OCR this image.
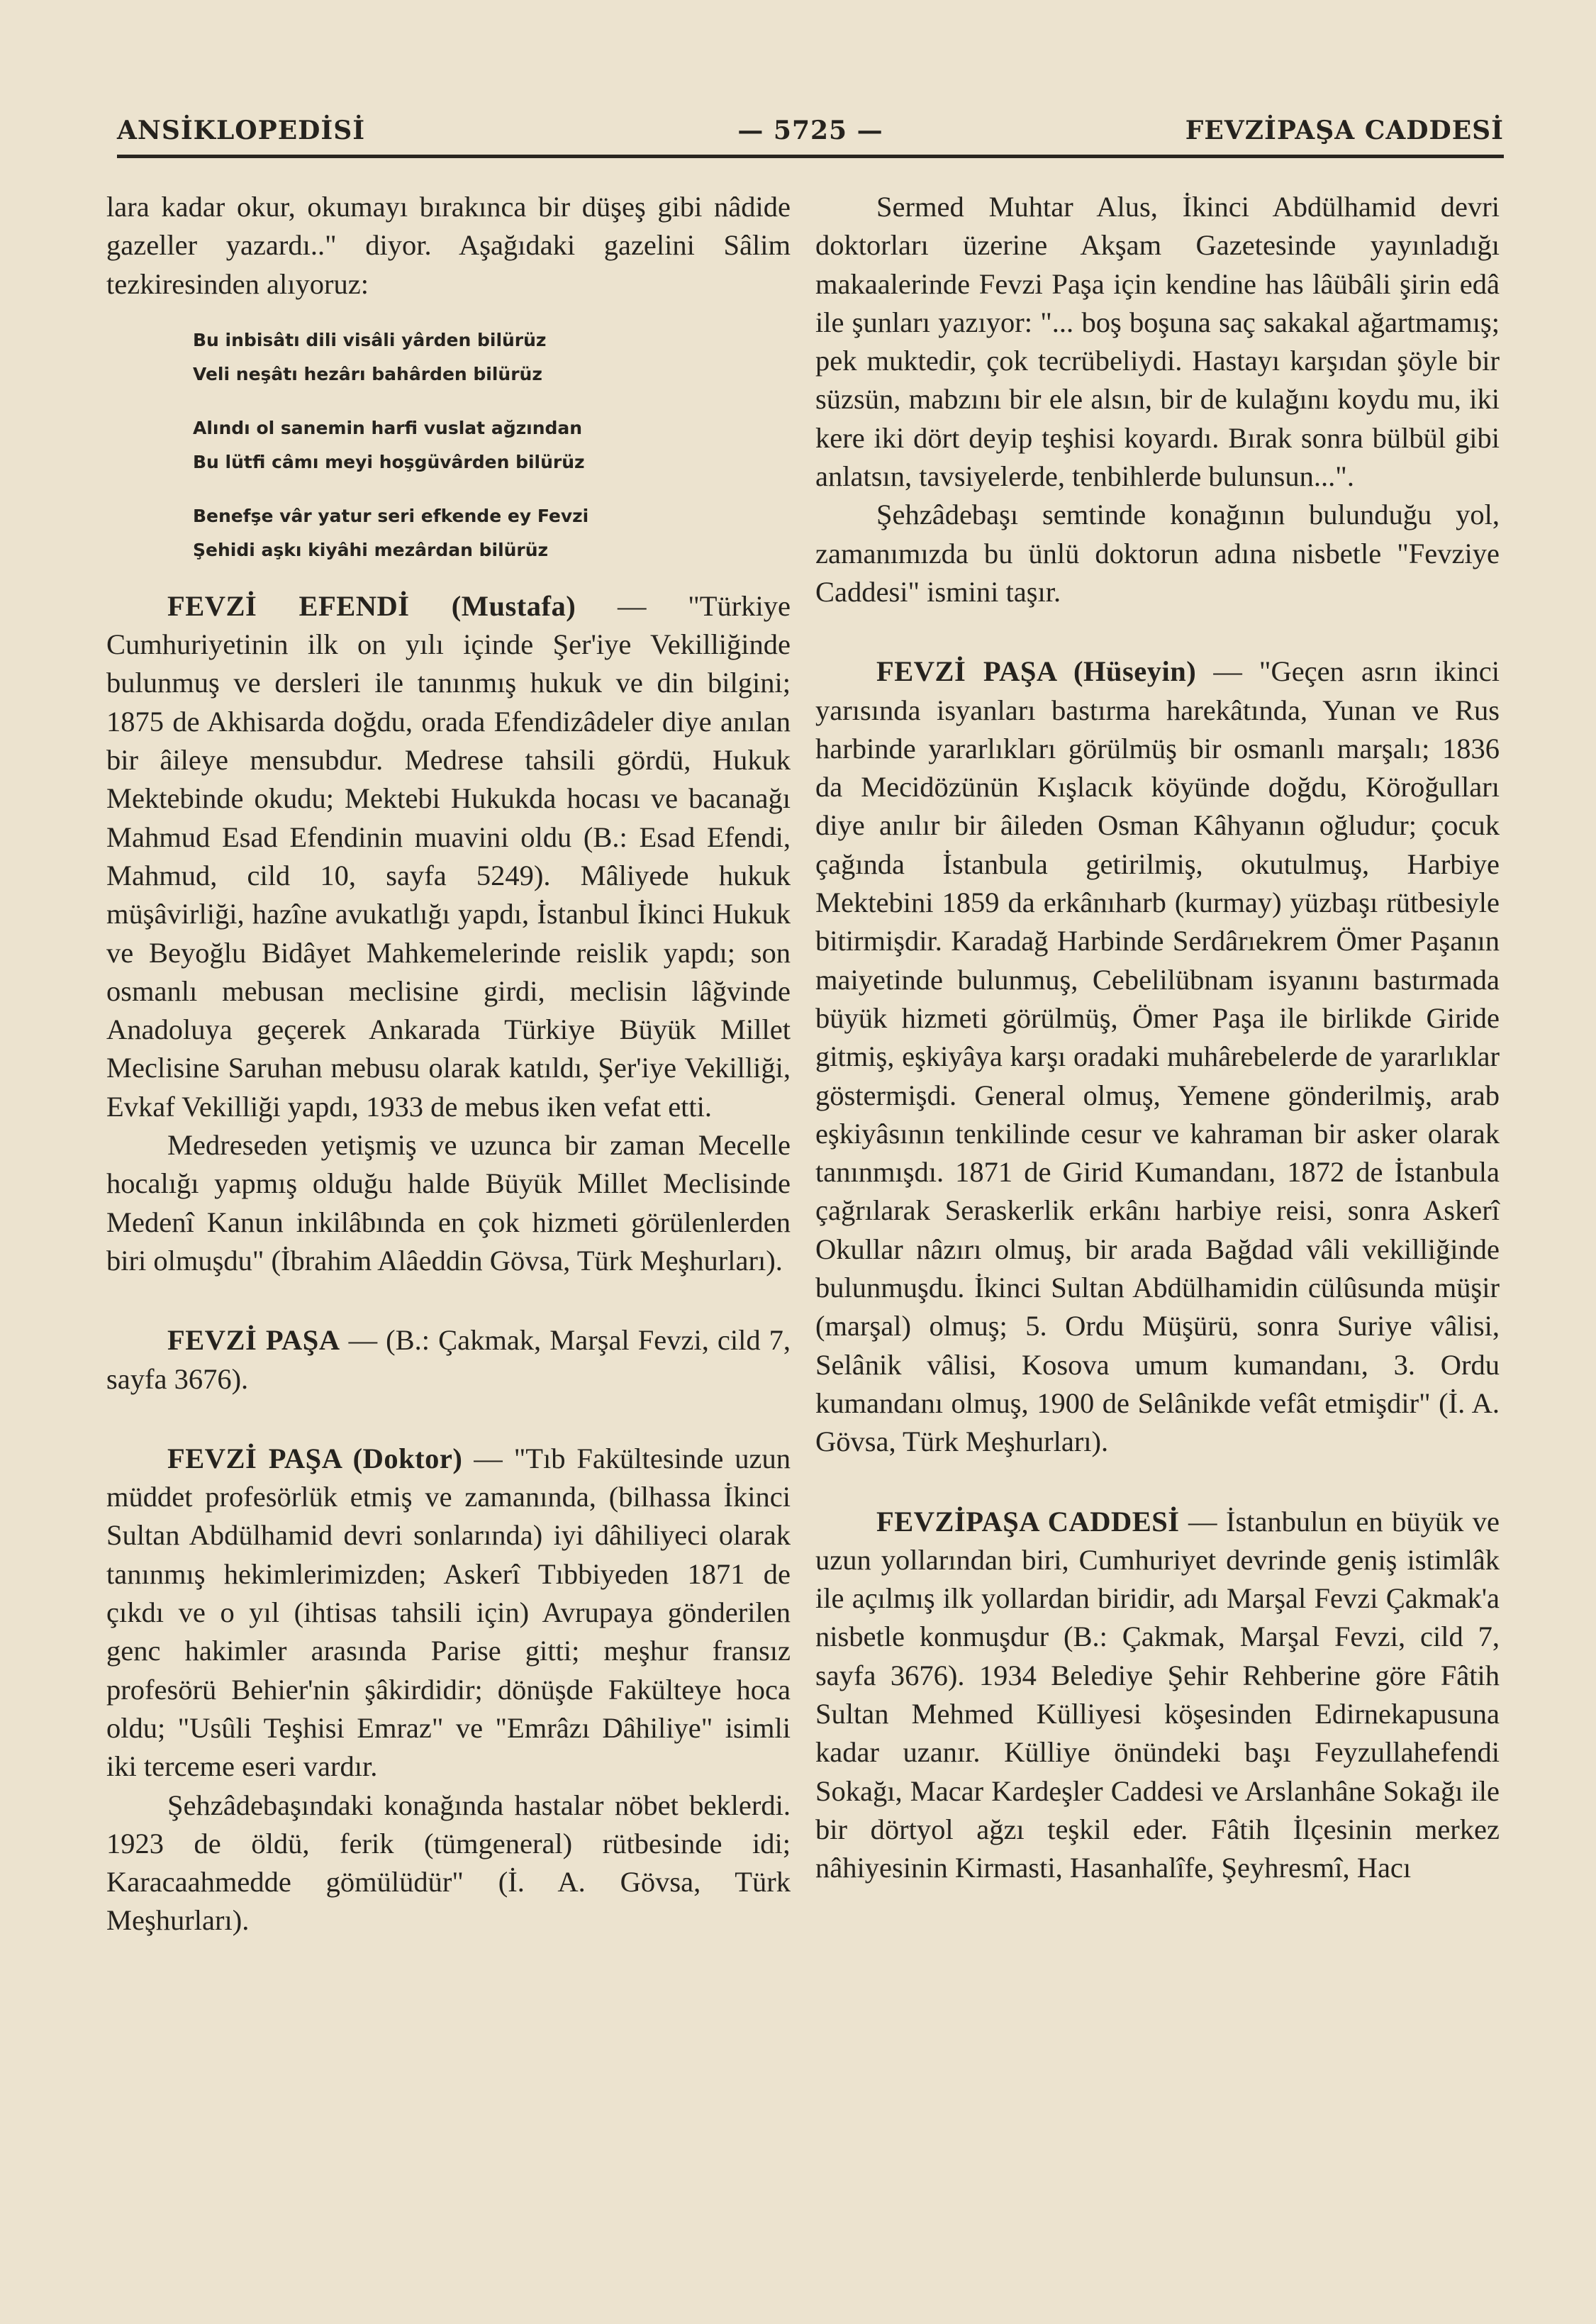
ANSİKLOPEDİSİ	— 5725 —	FEVZİPAŞA CADDESİ

lara kadar okur, okumayı bırakınca bir düşeş gibi nâdide gazeller yazardı.." diyor. Aşağıdaki gazelini Sâlim tezkiresinden alıyoruz:

Bu inbisâtı dili visâli yârden bilürüz
Veli neşâtı hezârı bahârden bilürüz
Alındı ol sanemin harfi vuslat ağzından
Bu lütfi câmı meyi hoşgüvârden bilürüz
Benefşe vâr yatur seri efkende ey Fevzi
Şehidi aşkı kiyâhi mezârdan bilürüz

FEVZİ EFENDİ (Mustafa) — "Türkiye Cumhuriyetinin ilk on yılı içinde Şer'iye Vekilliğinde bulunmuş ve dersleri ile tanınmış hukuk ve din bilgini; 1875 de Akhisarda doğdu, orada Efendizâdeler diye anılan bir âileye mensubdur. Medrese tahsili gördü, Hukuk Mektebinde okudu; Mektebi Hukukda hocası ve bacanağı Mahmud Esad Efendinin muavini oldu (B.: Esad Efendi, Mahmud, cild 10, sayfa 5249). Mâliyede hukuk müşâvirliği, hazîne avukatlığı yapdı, İstanbul İkinci Hukuk ve Beyoğlu Bidâyet Mahkemelerinde reislik yapdı; son osmanlı mebusan meclisine girdi, meclisin lâğvinde Anadoluya geçerek Ankarada Türkiye Büyük Millet Meclisine Saruhan mebusu olarak katıldı, Şer'iye Vekilliği, Evkaf Vekilliği yapdı, 1933 de mebus iken vefat etti.

Medreseden yetişmiş ve uzunca bir zaman Mecelle hocalığı yapmış olduğu halde Büyük Millet Meclisinde Medenî Kanun inkilâbında en çok hizmeti görülenlerden biri olmuşdu" (İbrahim Alâeddin Gövsa, Türk Meşhurları).

FEVZİ PAŞA — (B.: Çakmak, Marşal Fevzi, cild 7, sayfa 3676).

FEVZİ PAŞA (Doktor) — "Tıb Fakültesinde uzun müddet profesörlük etmiş ve zamanında, (bilhassa İkinci Sultan Abdülhamid devri sonlarında) iyi dâhiliyeci olarak tanınmış hekimlerimizden; Askerî Tıbbiyeden 1871 de çıkdı ve o yıl (ihtisas tahsili için) Avrupaya gönderilen genc hakimler arasında Parise gitti; meşhur fransız profesörü Behier'nin şâkirdidir; dönüşde Fakülteye hoca oldu; "Usûli Teşhisi Emraz" ve "Emrâzı Dâhiliye" isimli iki terceme eseri vardır.

Şehzâdebaşındaki konağında hastalar nöbet beklerdi. 1923 de öldü, ferik (tümgeneral) rütbesinde idi; Karacaahmedde gömülüdür" (İ. A. Gövsa, Türk Meşhurları).

Sermed Muhtar Alus, İkinci Abdülhamid devri doktorları üzerine Akşam Gazetesinde yayınladığı makaalerinde Fevzi Paşa için kendine has lâübâli şirin edâ ile şunları yazıyor: "... boş boşuna saç sakakal ağartmamış; pek muktedir, çok tecrübeliydi. Hastayı karşıdan şöyle bir süzsün, mabzını bir ele alsın, bir de kulağını koydu mu, iki kere iki dört deyip teşhisi koyardı. Bırak sonra bülbül gibi anlatsın, tavsiyelerde, tenbihlerde bulunsun...".

Şehzâdebaşı semtinde konağının bulunduğu yol, zamanımızda bu ünlü doktorun adına nisbetle "Fevziye Caddesi" ismini taşır.

FEVZİ PAŞA (Hüseyin) — "Geçen asrın ikinci yarısında isyanları bastırma harekâtında, Yunan ve Rus harbinde yararlıkları görülmüş bir osmanlı marşalı; 1836 da Mecidözünün Kışlacık köyünde doğdu, Köroğulları diye anılır bir âileden Osman Kâhyanın oğludur; çocuk çağında İstanbula getirilmiş, okutulmuş, Harbiye Mektebini 1859 da erkânıharb (kurmay) yüzbaşı rütbesiyle bitirmişdir. Karadağ Harbinde Serdârıekrem Ömer Paşanın maiyetinde bulunmuş, Cebelilübnam isyanını bastırmada büyük hizmeti görülmüş, Ömer Paşa ile birlikde Giride gitmiş, eşkiyâya karşı oradaki muhârebelerde de yararlıklar göstermişdi. General olmuş, Yemene gönderilmiş, arab eşkiyâsının tenkilinde cesur ve kahraman bir asker olarak tanınmışdı. 1871 de Girid Kumandanı, 1872 de İstanbula çağrılarak Seraskerlik erkânı harbiye reisi, sonra Askerî Okullar nâzırı olmuş, bir arada Bağdad vâli vekilliğinde bulunmuşdu. İkinci Sultan Abdülhamidin cülûsunda müşir (marşal) olmuş; 5. Ordu Müşürü, sonra Suriye vâlisi, Selânik vâlisi, Kosova umum kumandanı, 3. Ordu kumandanı olmuş, 1900 de Selânikde vefât etmişdir" (İ. A. Gövsa, Türk Meşhurları).

FEVZİPAŞA CADDESİ — İstanbulun en büyük ve uzun yollarından biri, Cumhuriyet devrinde geniş istimlâk ile açılmış ilk yollardan biridir, adı Marşal Fevzi Çakmak'a nisbetle konmuşdur (B.: Çakmak, Marşal Fevzi, cild 7, sayfa 3676). 1934 Belediye Şehir Rehberine göre Fâtih Sultan Mehmed Külliyesi köşesinden Edirnekapusuna kadar uzanır. Külliye önündeki başı Feyzullahefendi Sokağı, Macar Kardeşler Caddesi ve Arslanhâne Sokağı ile bir dörtyol ağzı teşkil eder. Fâtih İlçesinin merkez nâhiyesinin Kirmasti, Hasanhalîfe, Şeyhresmî, Hacı
